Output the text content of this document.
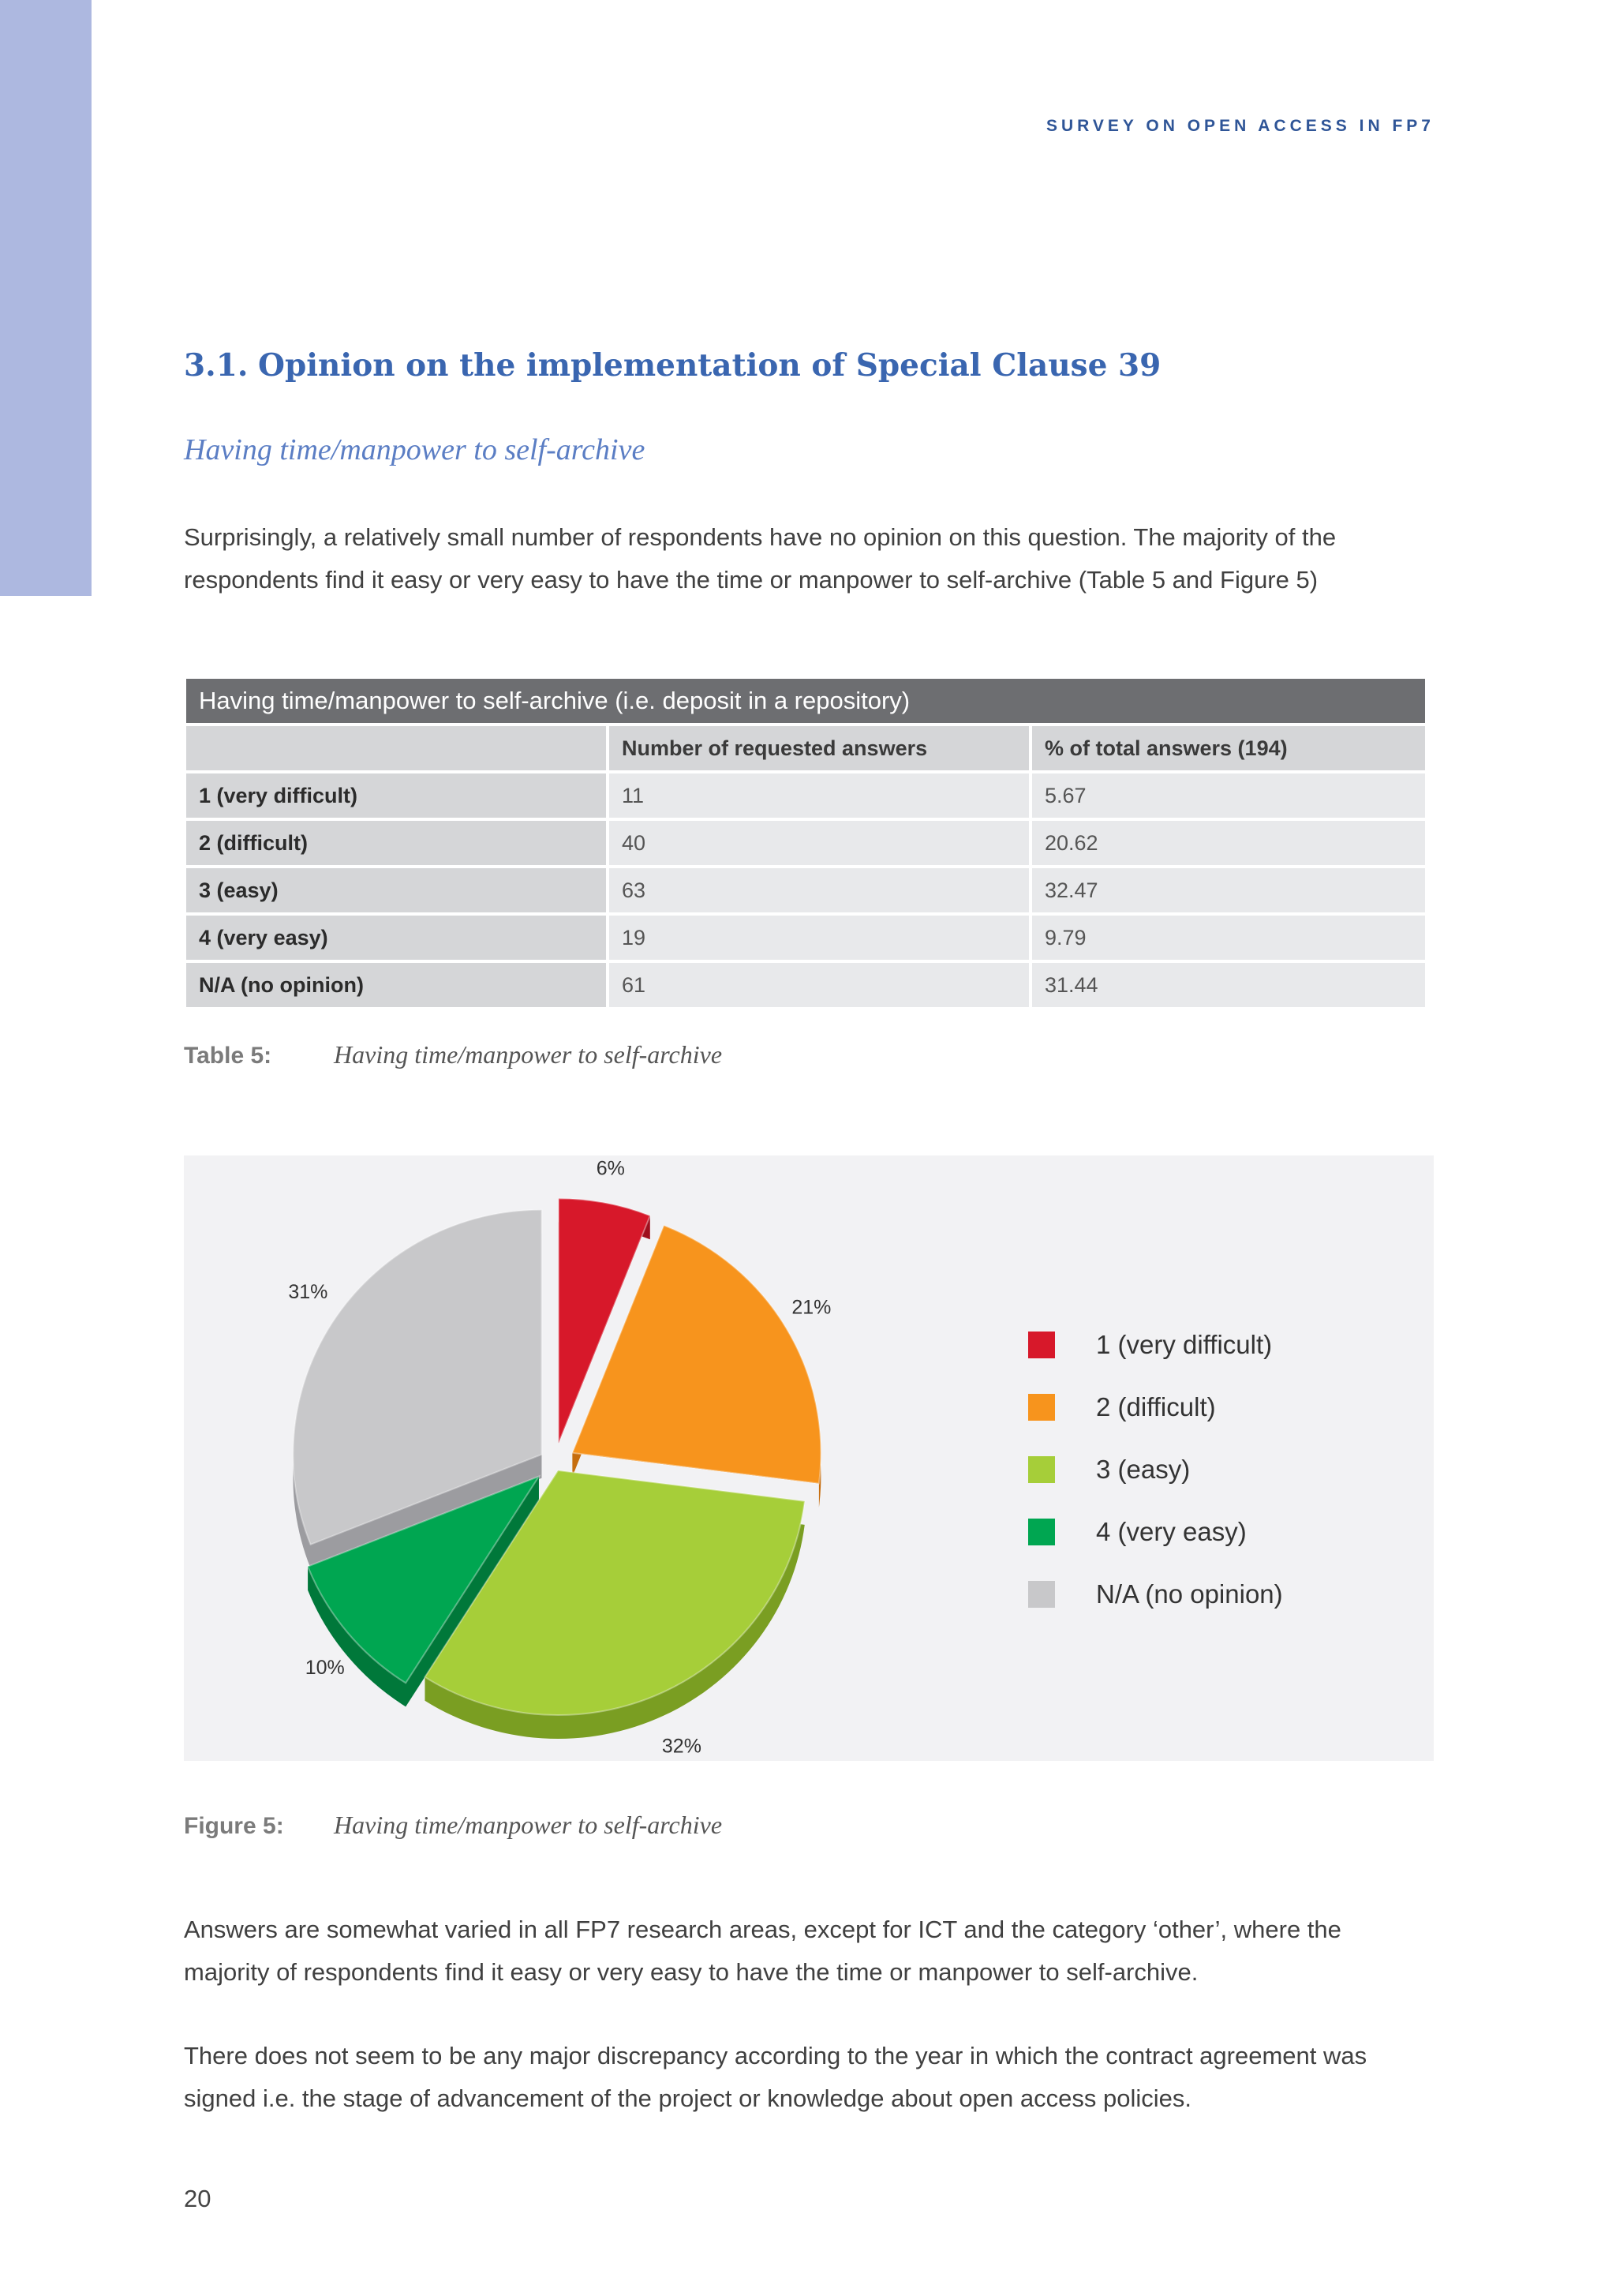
SURVEY ON OPEN ACCESS IN FP7
3.1. Opinion on the implementation of Special Clause 39
Having time/manpower to self-archive
Surprisingly, a relatively small number of respondents have no opinion on this question. The majority of the respondents find it easy or very easy to have the time or manpower to self-archive (Table 5 and Figure 5)
Having time/manpower to self-archive (i.e. deposit in a repository)		
	Number of requested answers	% of total answers (194)
1 (very difficult)	11	5.67
2 (difficult)	40	20.62
3 (easy)	63	32.47
4 (very easy)	19	9.79
N/A (no opinion)	61	31.44
Table 5: Having time/manpower to self-archive
6%
21%
32%
10%
31%
1 (very difficult)
2 (difficult)
3 (easy)
4 (very easy)
N/A (no opinion)
Figure 5: Having time/manpower to self-archive
Answers are somewhat varied in all FP7 research areas, except for ICT and the category ‘other’, where the majority of respondents find it easy or very easy to have the time or manpower to self-archive.
There does not seem to be any major discrepancy according to the year in which the contract agreement was signed i.e. the stage of advancement of the project or knowledge about open access policies.
20
